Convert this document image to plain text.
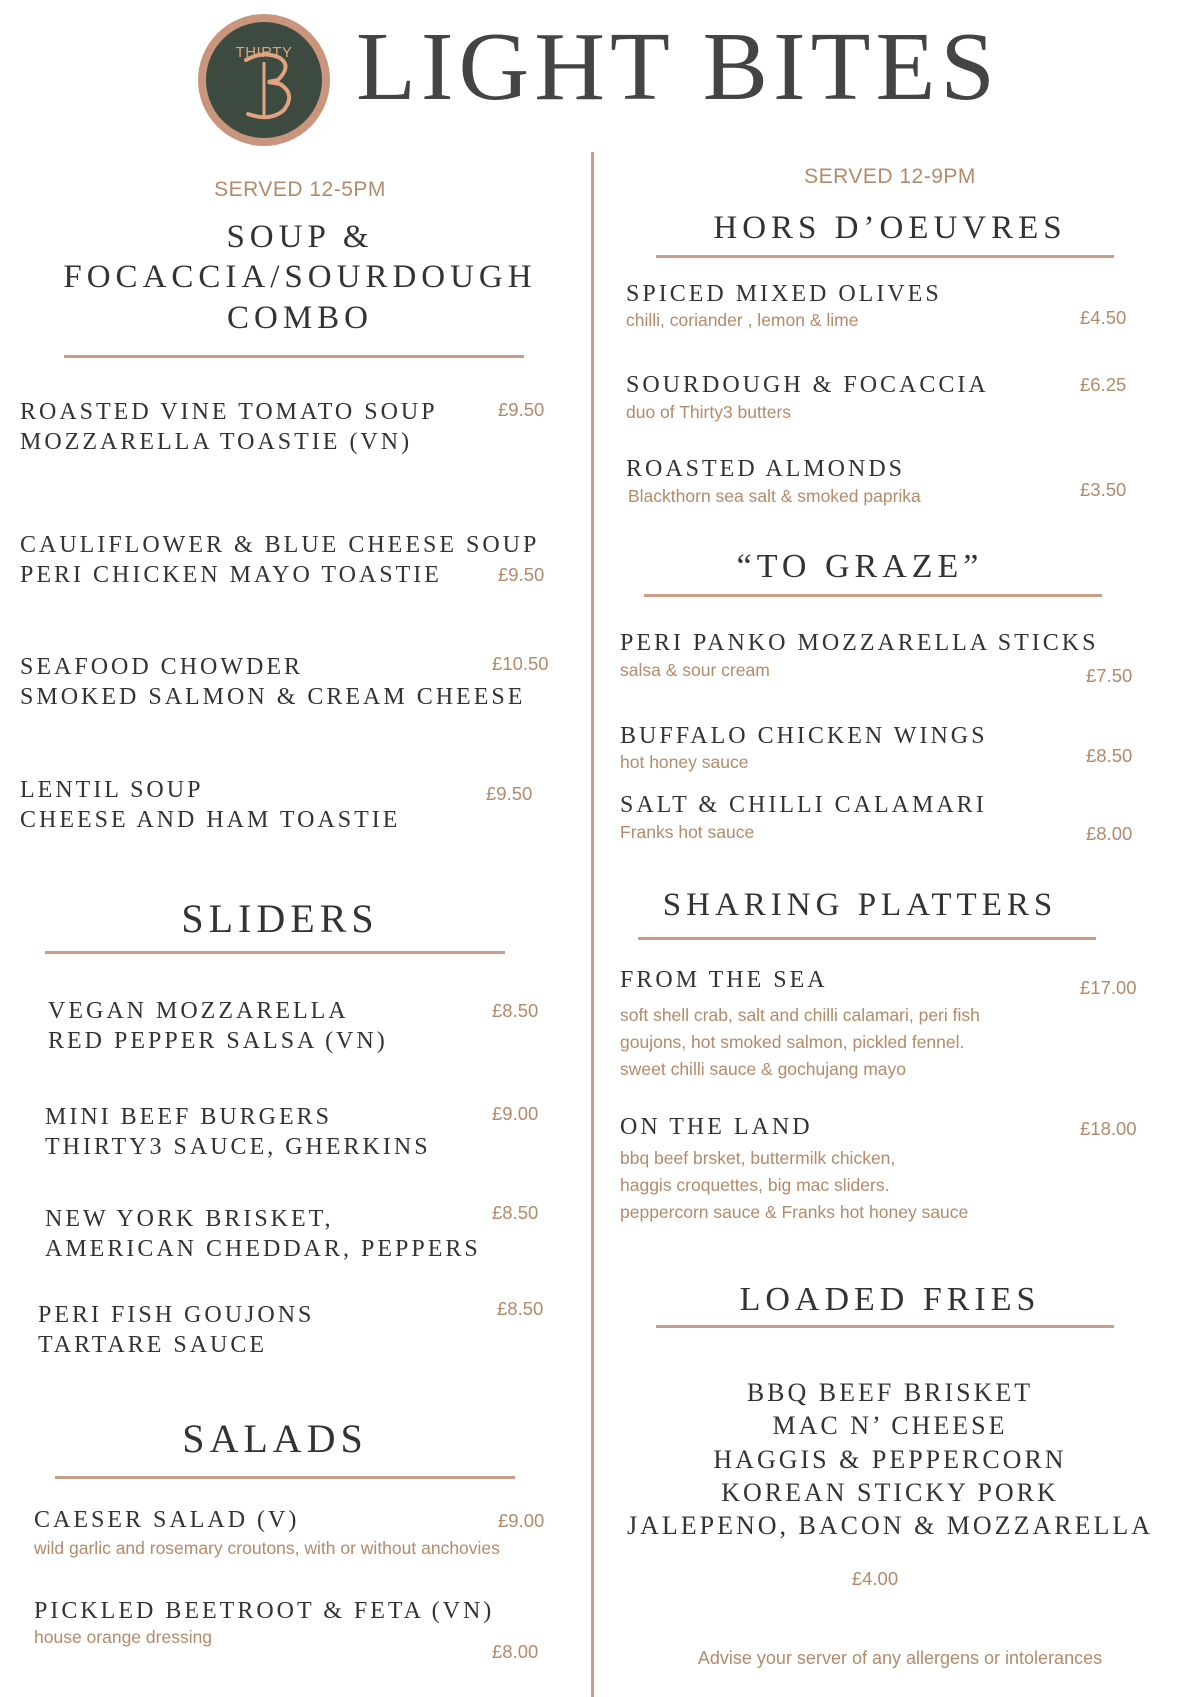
THIRTY LIGHT BITES
SERVED 12-5PM
SOUP &
FOCACCIA/SOURDOUGH
COMBO
ROASTED VINE TOMATO SOUP
MOZZARELLA TOASTIE (VN)
£9.50
CAULIFLOWER & BLUE CHEESE SOUP
PERI CHICKEN MAYO TOASTIE	£9.50
SEAFOOD CHOWDER
SMOKED SALMON & CREAM CHEESE
£10.50
LENTIL SOUP
CHEESE AND HAM TOASTIE
£9.50
SLIDERS
VEGAN MOZZARELLA
RED PEPPER SALSA (VN)
£8.50
MINI BEEF BURGERS
THIRTY3 SAUCE, GHERKINS
£9.00
NEW YORK BRISKET,
AMERICAN CHEDDAR, PEPPERS
£8.50
PERI FISH GOUJONS
TARTARE SAUCE
£8.50
SALADS
CAESER SALAD (V)
wild garlic and rosemary croutons, with or without anchovies
£9.00
PICKLED BEETROOT & FETA (VN)
house orange dressing
£8.00
SERVED 12-9PM
HORS D’OEUVRES
SPICED MIXED OLIVES
chilli, coriander , lemon & lime	£4.50
SOURDOUGH & FOCACCIA
duo of Thirty3 butters
£6.25
ROASTED ALMONDS
Blackthorn sea salt & smoked paprika	£3.50
“TO GRAZE”
PERI PANKO MOZZARELLA STICKS
salsa & sour cream	£7.50
BUFFALO CHICKEN WINGS
hot honey sauce	£8.50
SALT & CHILLI CALAMARI
Franks hot sauce	£8.00
SHARING PLATTERS
FROM THE SEA
soft shell crab, salt and chilli calamari, peri fish
goujons, hot smoked salmon, pickled fennel.
sweet chilli sauce & gochujang mayo
£17.00
ON THE LAND
bbq beef brsket, buttermilk chicken,
haggis croquettes, big mac sliders.
peppercorn sauce & Franks hot honey sauce
£18.00
LOADED FRIES
BBQ BEEF BRISKET
MAC N’ CHEESE
HAGGIS & PEPPERCORN
KOREAN STICKY PORK
JALEPENO, BACON & MOZZARELLA
£4.00
Advise your server of any allergens or intolerances
